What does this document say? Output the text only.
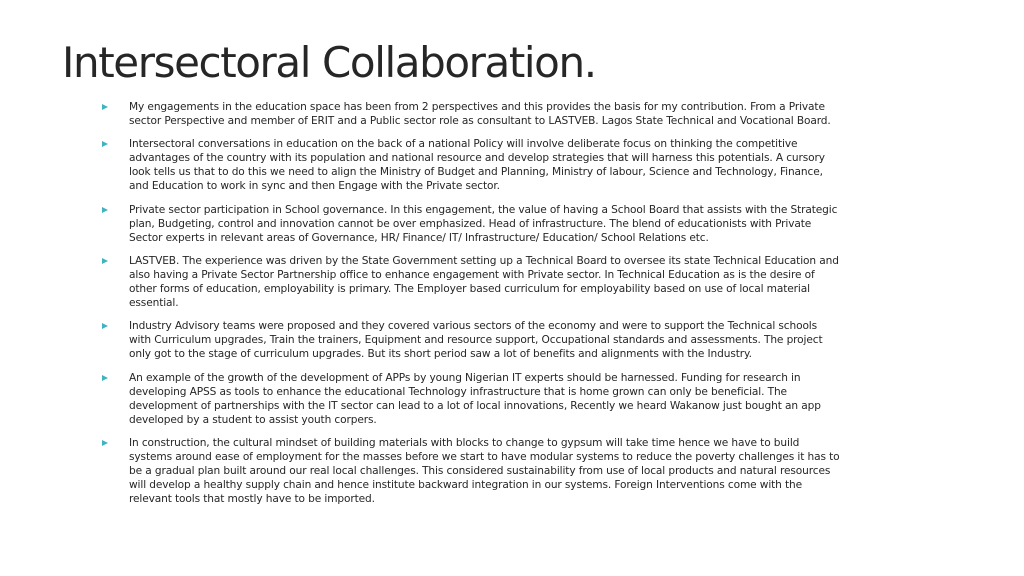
Intersectoral Collaboration.
My engagements in the education space has been from 2 perspectives and this provides the basis for my contribution. From a Private sector Perspective and member of ERIT and a Public sector role as consultant to LASTVEB. Lagos State Technical and Vocational Board.
Intersectoral conversations in education on the back of a national Policy will involve deliberate focus on thinking the competitive advantages of the country with its population and national resource and develop strategies that will harness this potentials. A cursory look tells us that to do this we need to align the Ministry of Budget and Planning, Ministry of labour, Science and Technology, Finance, and Education to work in sync and then Engage with the Private sector.
Private sector participation in School governance. In this engagement, the value of having a School Board that assists with the Strategic plan, Budgeting, control and innovation cannot be over emphasized. Head of infrastructure. The blend of educationists with Private Sector experts in relevant areas of Governance, HR/ Finance/ IT/ Infrastructure/ Education/ School Relations etc.
LASTVEB. The experience was driven by the State Government setting up a Technical Board to oversee its state Technical Education and also having a Private Sector Partnership office to enhance engagement with Private sector. In Technical Education as is the desire of other forms of education, employability is primary. The Employer based curriculum for employability based on use of local material essential.
Industry Advisory teams were proposed and they covered various sectors of the economy and were to support the Technical schools with Curriculum upgrades, Train the trainers, Equipment and resource support, Occupational standards and assessments. The project only got to the stage of curriculum upgrades. But its short period saw a lot of benefits and alignments with the Industry.
An example of the growth of the development of APPs by young Nigerian IT experts should be harnessed. Funding for research in developing APSS as tools to enhance the educational Technology infrastructure that is home grown can only be beneficial. The development of partnerships with the IT sector can lead to a lot of local innovations, Recently we heard Wakanow just bought an app developed by a student to assist youth corpers.
In construction, the cultural mindset of building materials with blocks to change to gypsum will take time hence we have to build systems around ease of employment for the masses before we start to have modular systems to reduce the poverty challenges it has to be a gradual plan built around our real local challenges. This considered sustainability from use of local products and natural resources will develop a healthy supply chain and hence institute backward integration in our systems. Foreign Interventions come with the relevant tools that mostly have to be imported.
